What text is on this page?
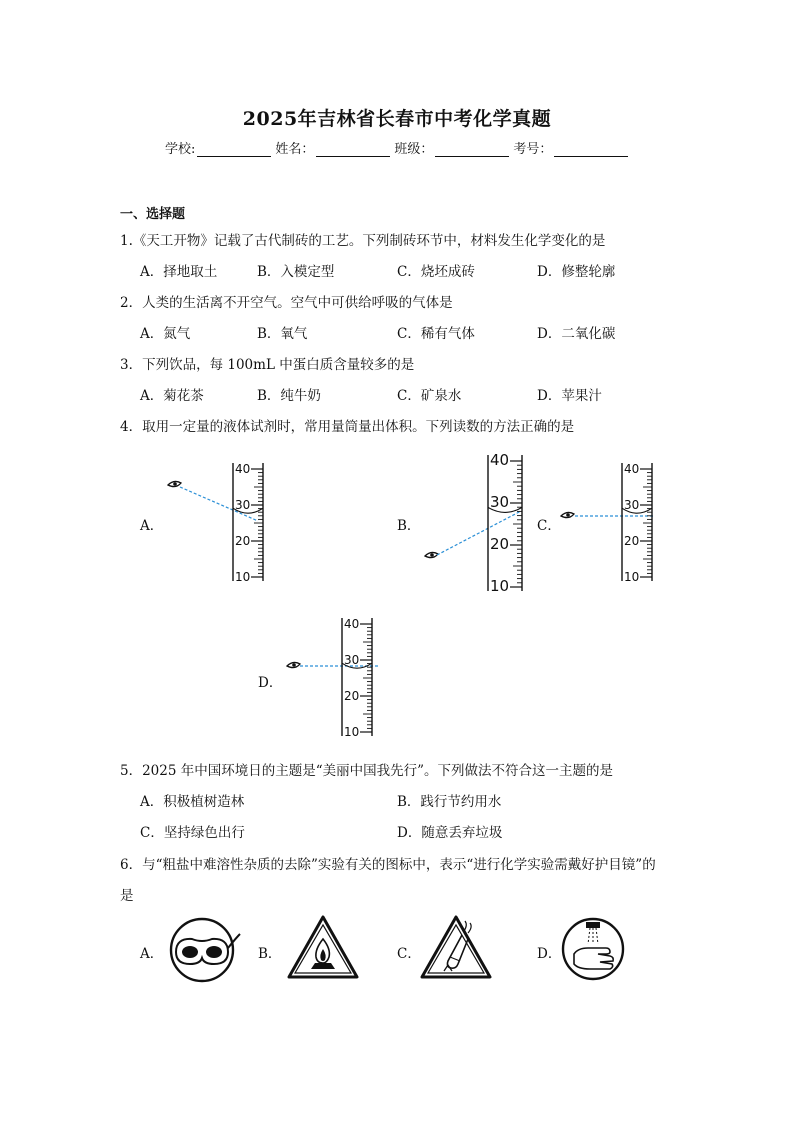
2025年吉林省长春市中考化学真题
学校:	姓名：	班级：	考号：
一、选择题
1.《天工开物》记载了古代制砖的工艺。下列制砖环节中，材料发生化学变化的是
A．择地取土	B．入模定型	C．烧坯成砖	D．修整轮廓
2．人类的生活离不开空气。空气中可供给呼吸的气体是
A．氮气	B．氧气	C．稀有气体	D．二氧化碳
3．下列饮品，每 100mL 中蛋白质含量较多的是
A．菊花茶	B．纯牛奶	C．矿泉水	D．苹果汁
4．取用一定量的液体试剂时，常用量筒量出体积。下列读数的方法正确的是
A．	B．	C．
D．
40
30
20
10
40
30
20
10
40
30
20
10
40
30
20
10
5．2025 年中国环境日的主题是“美丽中国我先行”。下列做法不符合这一主题的是
A．积极植树造林	B．践行节约用水
C．坚持绿色出行	D．随意丢弃垃圾
6．与“粗盐中难溶性杂质的去除”实验有关的图标中，表示“进行化学实验需戴好护目镜”的
是
A．	B．	C．	D．
